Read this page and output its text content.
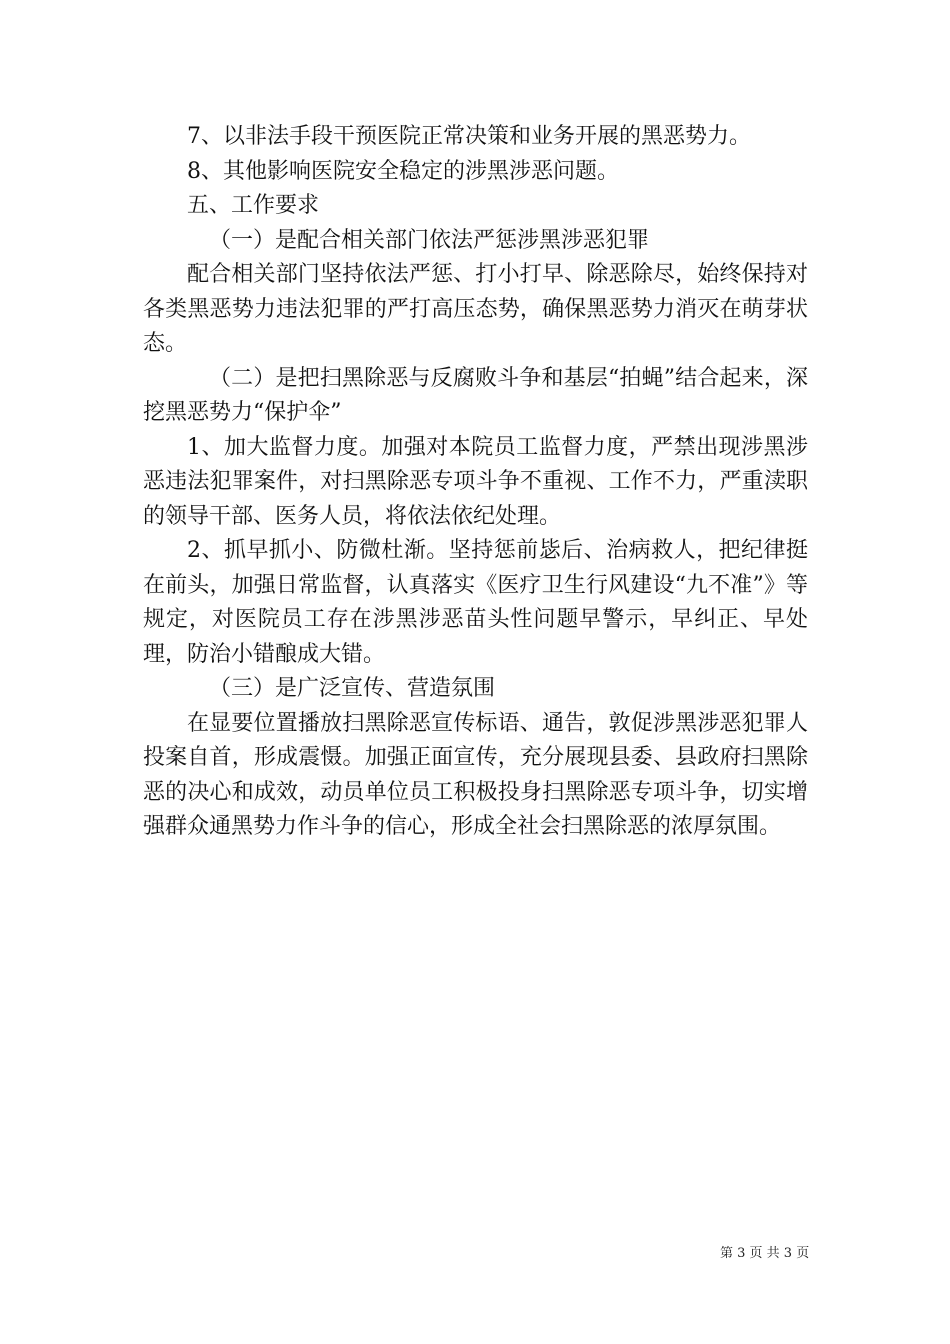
7、以非法手段干预医院正常决策和业务开展的黑恶势力。

8、其他影响医院安全稳定的涉黑涉恶问题。

五、工作要求

（一）是配合相关部门依法严惩涉黑涉恶犯罪

配合相关部门坚持依法严惩、打小打早、除恶除尽，始终保持对各类黑恶势力违法犯罪的严打高压态势，确保黑恶势力消灭在萌芽状态。

（二）是把扫黑除恶与反腐败斗争和基层“拍蝇”结合起来，深挖黑恶势力“保护伞”

1、加大监督力度。加强对本院员工监督力度，严禁出现涉黑涉恶违法犯罪案件，对扫黑除恶专项斗争不重视、工作不力，严重渎职的领导干部、医务人员，将依法依纪处理。

2、抓早抓小、防微杜渐。坚持惩前毖后、治病救人，把纪律挺在前头，加强日常监督，认真落实《医疗卫生行风建设“九不准”》等规定，对医院员工存在涉黑涉恶苗头性问题早警示，早纠正、早处理，防治小错酿成大错。

（三）是广泛宣传、营造氛围

在显要位置播放扫黑除恶宣传标语、通告，敦促涉黑涉恶犯罪人投案自首，形成震慑。加强正面宣传，充分展现县委、县政府扫黑除恶的决心和成效，动员单位员工积极投身扫黑除恶专项斗争，切实增强群众通黑势力作斗争的信心，形成全社会扫黑除恶的浓厚氛围。

第 3 页 共 3 页
